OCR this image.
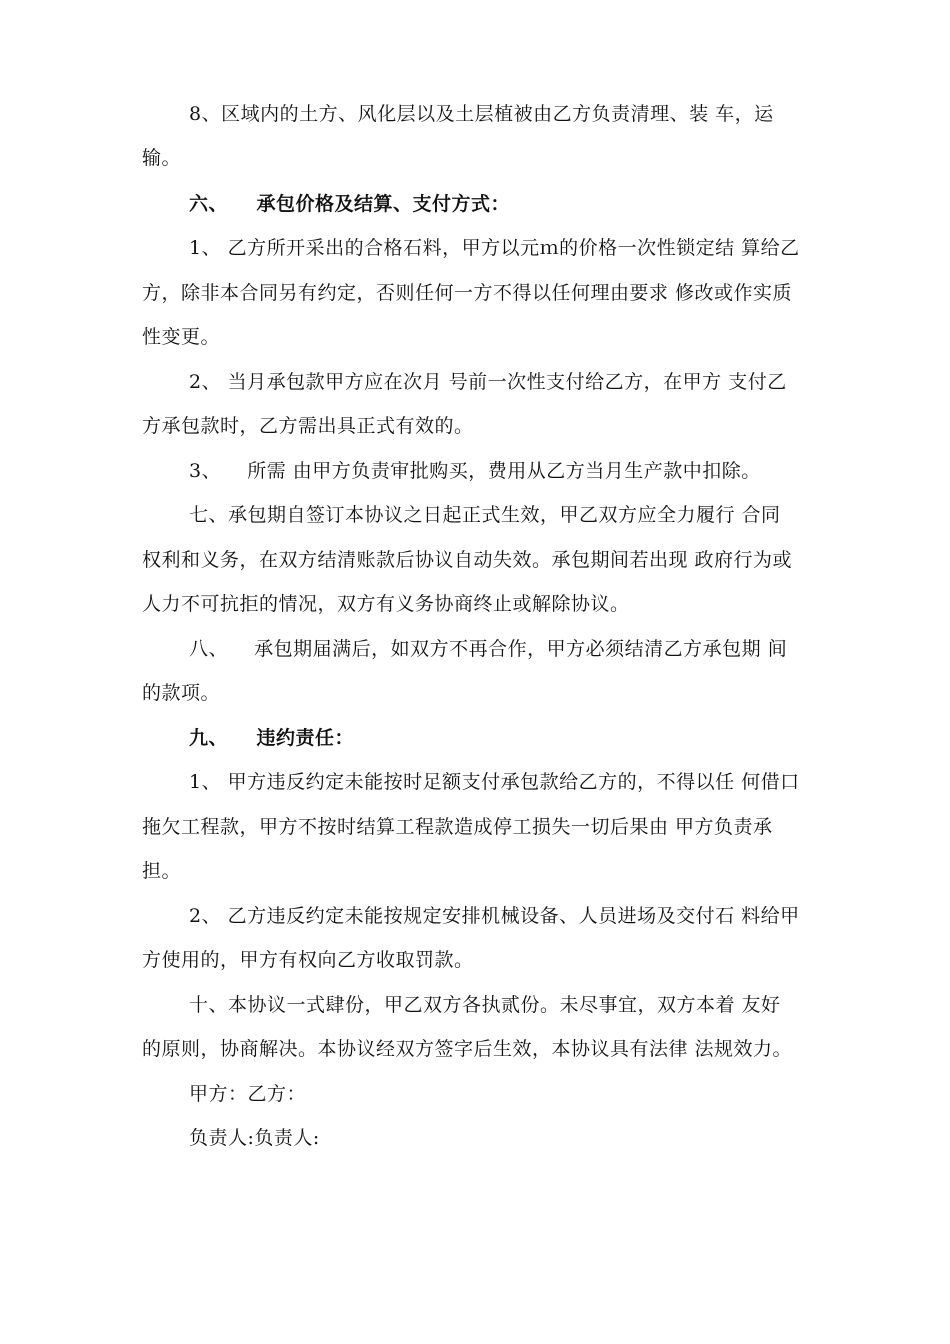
8、区域内的土方、风化层以及土层植被由乙方负责清理、装 车，运
输。
六、    承包价格及结算、支付方式：
1、 乙方所开采出的合格石料，甲方以元ｍ的价格一次性锁定结 算给乙
方，除非本合同另有约定，否则任何一方不得以任何理由要求 修改或作实质
性变更。
2、 当月承包款甲方应在次月 号前一次性支付给乙方，在甲方 支付乙
方承包款时，乙方需出具正式有效的。
3、    所需 由甲方负责审批购买，费用从乙方当月生产款中扣除。
七、承包期自签订本协议之日起正式生效，甲乙双方应全力履行 合同
权利和义务，在双方结清账款后协议自动失效。承包期间若出现 政府行为或
人力不可抗拒的情况，双方有义务协商终止或解除协议。
八、    承包期届满后，如双方不再合作，甲方必须结清乙方承包期 间
的款项。
九、    违约责任：
1、 甲方违反约定未能按时足额支付承包款给乙方的，不得以任 何借口
拖欠工程款，甲方不按时结算工程款造成停工损失一切后果由 甲方负责承
担。
2、 乙方违反约定未能按规定安排机械设备、人员进场及交付石 料给甲
方使用的，甲方有权向乙方收取罚款。
十、本协议一式肆份，甲乙双方各执贰份。未尽事宜，双方本着 友好
的原则，协商解决。本协议经双方签字后生效，本协议具有法律 法规效力。
甲方：乙方：
负责人:负责人:
